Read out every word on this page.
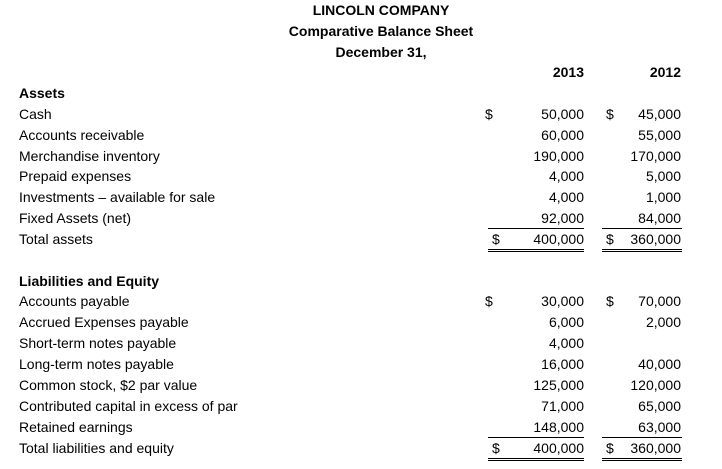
LINCOLN COMPANY
Comparative Balance Sheet
December 31,
2013	2012
Assets
Cash	$	50,000 $ 45,000
Accounts receivable	60,000	55,000
Merchandise inventory	190,000	170,000
Prepaid expenses	4,000	5,000
Investments – available for sale	4,000	1,000
Fixed Assets (net)	92,000	84,000
Total assets	$ 400,000 $ 360,000
Liabilities and Equity
Accounts payable	$	30,000 $ 70,000
Accrued Expenses payable	6,000	2,000
Short-term notes payable	4,000
Long-term notes payable	16,000	40,000
Common stock, $2 par value	125,000	120,000
Contributed capital in excess of par	71,000	65,000
Retained earnings	148,000	63,000
Total liabilities and equity	$ 400,000 $ 360,000
